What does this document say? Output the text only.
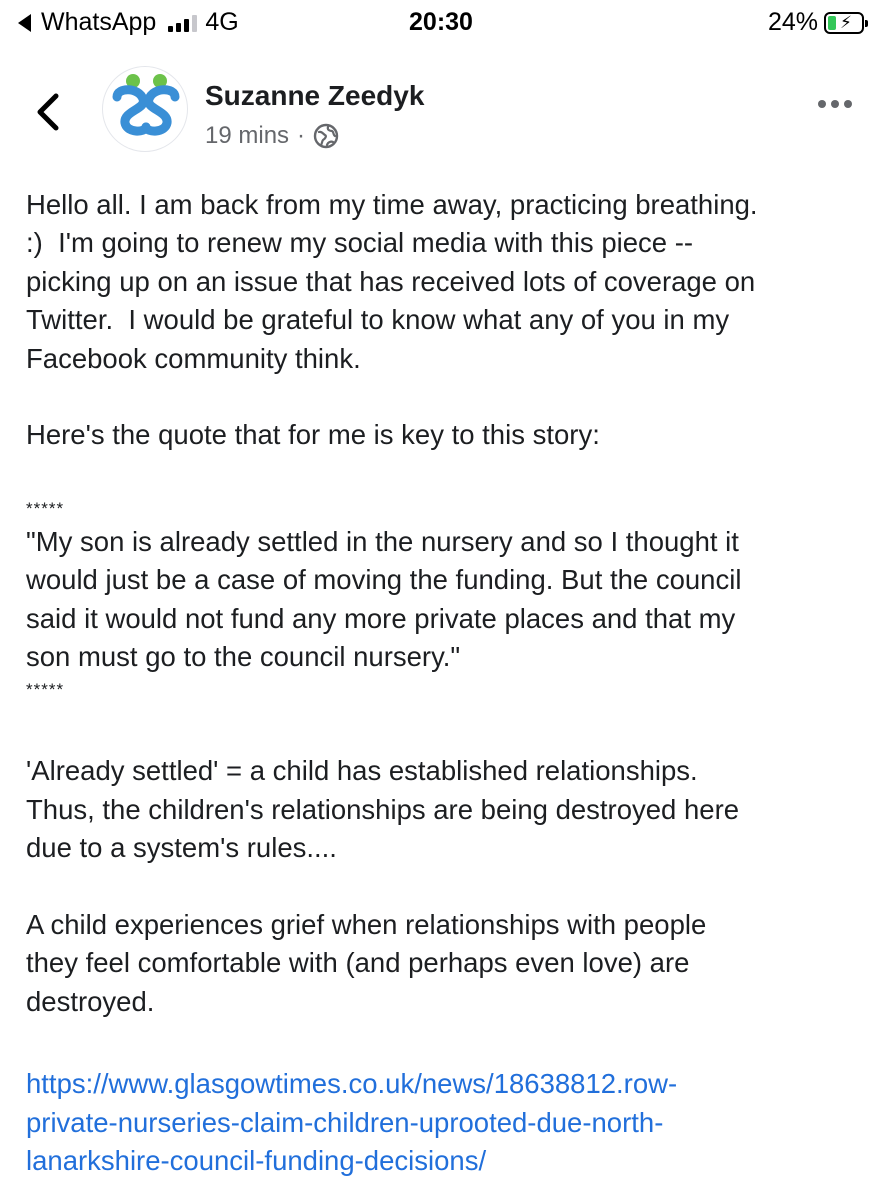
WhatsApp 4G	20:30	24% ⚡
Suzanne Zeedyk
19 mins ·

Hello all. I am back from my time away, practicing breathing.

:)  I'm going to renew my social media with this piece --

picking up on an issue that has received lots of coverage on

Twitter.  I would be grateful to know what any of you in my

Facebook community think.

Here's the quote that for me is key to this story:

*****

"My son is already settled in the nursery and so I thought it

would just be a case of moving the funding. But the council

said it would not fund any more private places and that my

son must go to the council nursery."

*****

'Already settled' = a child has established relationships.

Thus, the children's relationships are being destroyed here

due to a system's rules....

A child experiences grief when relationships with people

they feel comfortable with (and perhaps even love) are

destroyed.

https://www.glasgowtimes.co.uk/news/18638812.row-

private-nurseries-claim-children-uprooted-due-north-

lanarkshire-council-funding-decisions/
